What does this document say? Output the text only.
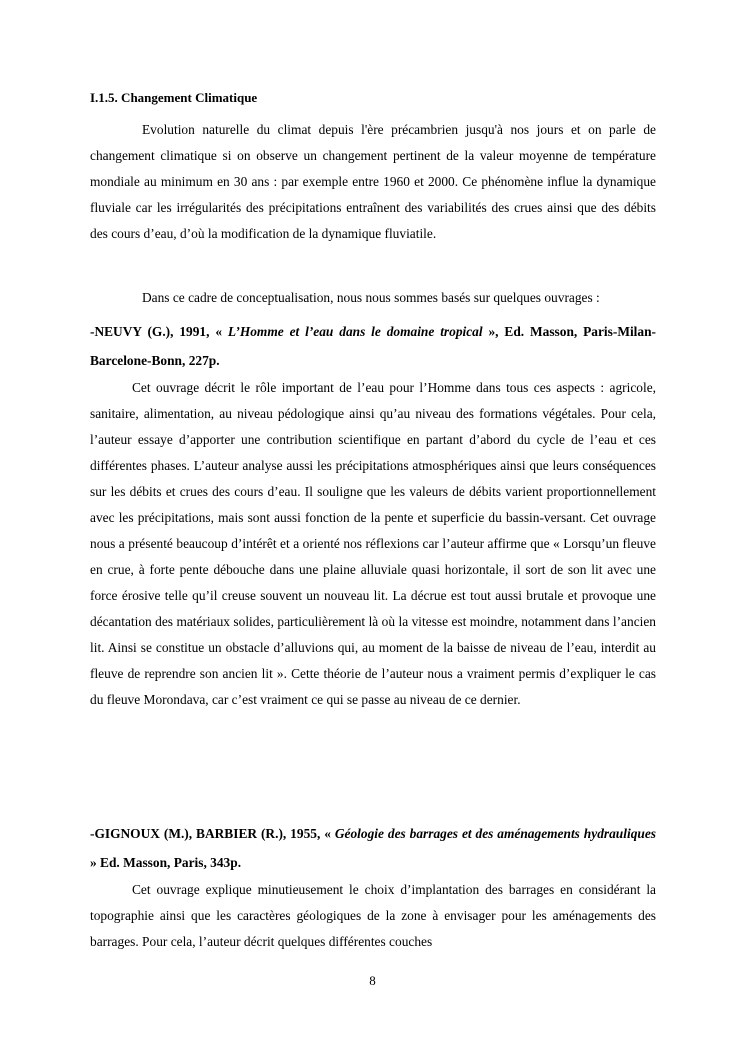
I.1.5. Changement Climatique

Evolution naturelle du climat depuis l'ère précambrien jusqu'à nos jours et on parle de changement climatique si on observe un changement pertinent de la valeur moyenne de température mondiale au minimum en 30 ans : par exemple entre 1960 et 2000. Ce phénomène influe la dynamique fluviale car les irrégularités des précipitations entraînent des variabilités des crues ainsi que des débits des cours d’eau, d’où la modification de la dynamique fluviatile.

Dans ce cadre de conceptualisation, nous nous sommes basés sur quelques ouvrages :

-NEUVY (G.), 1991, « L’Homme et l’eau dans le domaine tropical », Ed. Masson, Paris-Milan-Barcelone-Bonn, 227p.

Cet ouvrage décrit le rôle important de l’eau pour l’Homme dans tous ces aspects : agricole, sanitaire, alimentation, au niveau pédologique ainsi qu’au niveau des formations végétales. Pour cela, l’auteur essaye d’apporter une contribution scientifique en partant d’abord du cycle de l’eau et ces différentes phases. L’auteur analyse aussi les précipitations atmosphériques ainsi que leurs conséquences sur les débits et crues des cours d’eau. Il souligne que les valeurs de débits varient proportionnellement avec les précipitations, mais sont aussi fonction de la pente et superficie du bassin-versant. Cet ouvrage nous a présenté beaucoup d’intérêt et a orienté nos réflexions car l’auteur affirme que « Lorsqu’un fleuve en crue, à forte pente débouche dans une plaine alluviale quasi horizontale, il sort de son lit avec une force érosive telle qu’il creuse souvent un nouveau lit. La décrue est tout aussi brutale et provoque une décantation des matériaux solides, particulièrement là où la vitesse est moindre, notamment dans l’ancien lit. Ainsi se constitue un obstacle d’alluvions qui, au moment de la baisse de niveau de l’eau, interdit au fleuve de reprendre son ancien lit ». Cette théorie de l’auteur nous a vraiment permis d’expliquer le cas du fleuve Morondava, car c’est vraiment ce qui se passe au niveau de ce dernier.

-GIGNOUX (M.), BARBIER (R.), 1955, « Géologie des barrages et des aménagements hydrauliques » Ed. Masson, Paris, 343p.

Cet ouvrage explique minutieusement le choix d’implantation des barrages en considérant la topographie ainsi que les caractères géologiques de la zone à envisager pour les aménagements des barrages. Pour cela, l’auteur décrit quelques différentes couches

8
